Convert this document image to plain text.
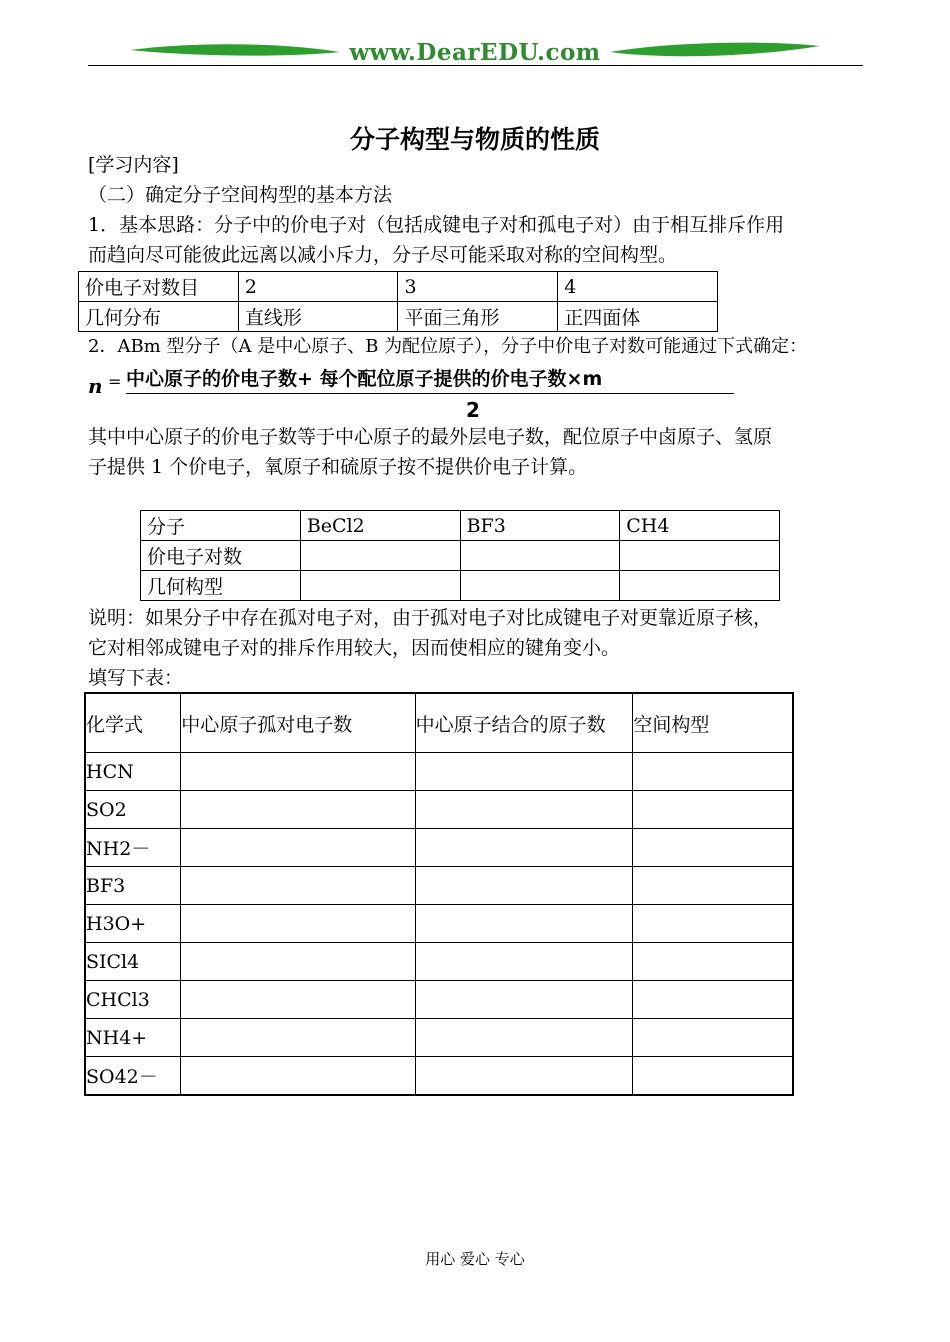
www.DearEDU.com
分子构型与物质的性质
[学习内容]
（二）确定分子空间构型的基本方法
1．基本思路：分子中的价电子对（包括成键电子对和孤电子对）由于相互排斥作用
而趋向尽可能彼此远离以减小斥力，分子尽可能采取对称的空间构型。
价电子对数目	2	3	4
几何分布	直线形	平面三角形	正四面体
2．ABm 型分子（A 是中心原子、B 为配位原子），分子中价电子对数可能通过下式确定：
n = 中心原子的价电子数+ 每个配位原子提供的价电子数×m
2
其中中心原子的价电子数等于中心原子的最外层电子数，配位原子中卤原子、氢原
子提供 1 个价电子，氧原子和硫原子按不提供价电子计算。
分子	BeCl2	BF3	CH4
价电子对数			
几何构型			
说明：如果分子中存在孤对电子对，由于孤对电子对比成键电子对更靠近原子核，
它对相邻成键电子对的排斥作用较大，因而使相应的键角变小。
填写下表：
化学式	中心原子孤对电子数	中心原子结合的原子数	空间构型
HCN			
SO2			
NH2－			
BF3			
H3O+			
SICl4			
CHCl3			
NH4+			
SO42－			
用心 爱心 专心
